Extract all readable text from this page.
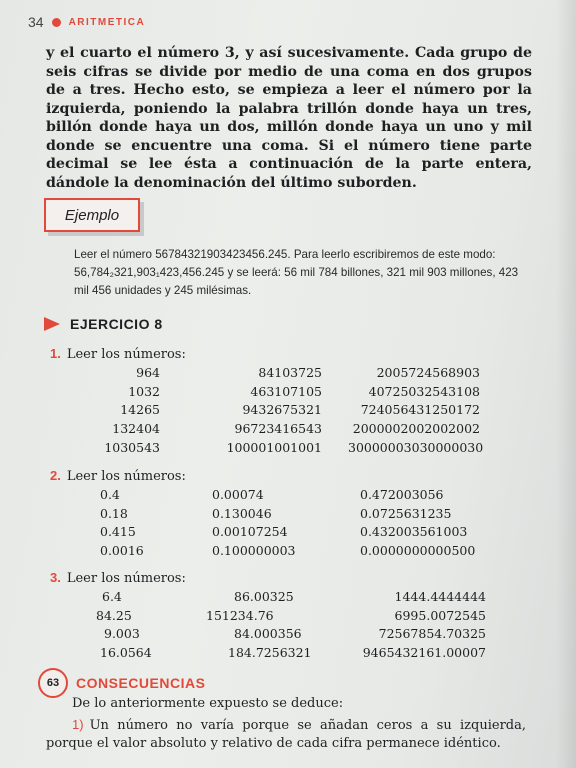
34	ARITMETICA
y el cuarto el número 3, y así sucesivamente. Cada grupo de seis cifras se divide por medio de una coma en dos grupos de a tres. Hecho esto, se empieza a leer el número por la izquierda, poniendo la palabra trillón donde haya un tres, billón donde haya un dos, millón donde haya un uno y mil donde se encuentre una coma. Si el número tiene parte decimal se lee ésta a continuación de la parte entera, dándole la denominación del último suborden.
Ejemplo
Leer el número 56784321903423456.245. Para leerlo escribiremos de este modo: 56,784₂321,903₁423,456.245 y se leerá: 56 mil 784 billones, 321 mil 903 millones, 423 mil 456 unidades y 245 milésimas.
EJERCICIO 8
1. Leer los números:
964
1032
14265
132404
1030543
84103725
463107105
9432675321
96723416543
100001001001
2005724568903
40725032543108
724056431250172
2000002002002002
30000003030000030
2. Leer los números:
0.4
0.18
0.415
0.0016
0.00074
0.130046
0.00107254
0.100000003
0.472003056
0.0725631235
0.432003561003
0.0000000000500
3. Leer los números:
6.4
84.25
9.003
16.0564
86.00325
151234.76
84.000356
184.7256321
1444.4444444
6995.0072545
72567854.70325
9465432161.00007
63	CONSECUENCIAS
De lo anteriormente expuesto se deduce:
1) Un número no varía porque se añadan ceros a su izquierda, porque el valor absoluto y relativo de cada cifra permanece idéntico.
